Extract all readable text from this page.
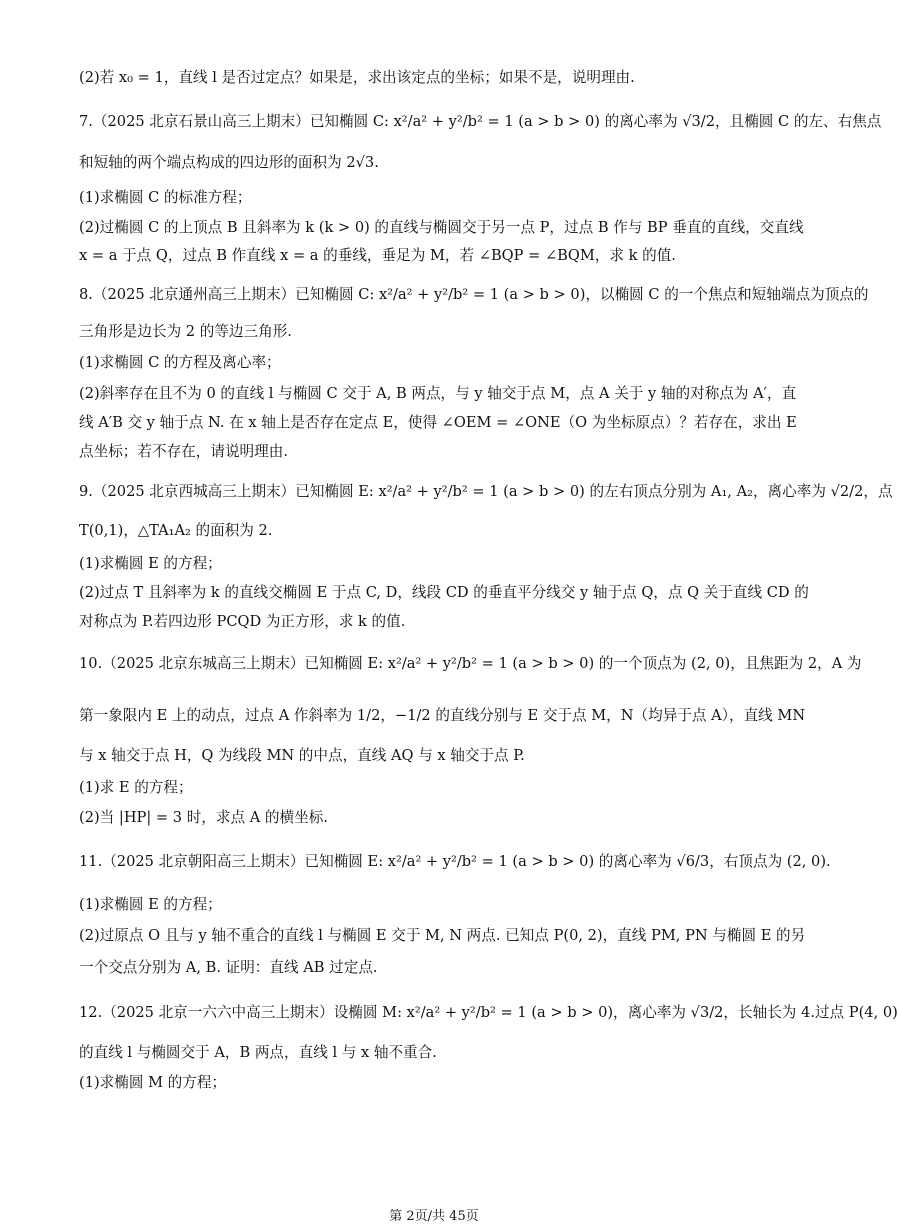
(2)若 x₀ = 1，直线 l 是否过定点？如果是，求出该定点的坐标；如果不是，说明理由.
7.（2025 北京石景山高三上期末）已知椭圆 C: x²/a² + y²/b² = 1 (a > b > 0) 的离心率为 √3/2，且椭圆 C 的左、右焦点
和短轴的两个端点构成的四边形的面积为 2√3.
(1)求椭圆 C 的标准方程；
(2)过椭圆 C 的上顶点 B 且斜率为 k (k > 0) 的直线与椭圆交于另一点 P，过点 B 作与 BP 垂直的直线，交直线
x = a 于点 Q，过点 B 作直线 x = a 的垂线，垂足为 M，若 ∠BQP = ∠BQM，求 k 的值.
8.（2025 北京通州高三上期末）已知椭圆 C: x²/a² + y²/b² = 1 (a > b > 0)，以椭圆 C 的一个焦点和短轴端点为顶点的
三角形是边长为 2 的等边三角形.
(1)求椭圆 C 的方程及离心率；
(2)斜率存在且不为 0 的直线 l 与椭圆 C 交于 A, B 两点，与 y 轴交于点 M，点 A 关于 y 轴的对称点为 A′，直
线 A′B 交 y 轴于点 N. 在 x 轴上是否存在定点 E，使得 ∠OEM = ∠ONE（O 为坐标原点）？若存在，求出 E
点坐标；若不存在，请说明理由.
9.（2025 北京西城高三上期末）已知椭圆 E: x²/a² + y²/b² = 1 (a > b > 0) 的左右顶点分别为 A₁, A₂，离心率为 √2/2，点
T(0,1)，△TA₁A₂ 的面积为 2.
(1)求椭圆 E 的方程；
(2)过点 T 且斜率为 k 的直线交椭圆 E 于点 C, D，线段 CD 的垂直平分线交 y 轴于点 Q，点 Q 关于直线 CD 的
对称点为 P.若四边形 PCQD 为正方形，求 k 的值.
10.（2025 北京东城高三上期末）已知椭圆 E: x²/a² + y²/b² = 1 (a > b > 0) 的一个顶点为 (2, 0)，且焦距为 2，A 为
第一象限内 E 上的动点，过点 A 作斜率为 1/2，−1/2 的直线分别与 E 交于点 M，N（均异于点 A），直线 MN
与 x 轴交于点 H，Q 为线段 MN 的中点，直线 AQ 与 x 轴交于点 P.
(1)求 E 的方程；
(2)当 |HP| = 3 时，求点 A 的横坐标.
11.（2025 北京朝阳高三上期末）已知椭圆 E: x²/a² + y²/b² = 1 (a > b > 0) 的离心率为 √6/3，右顶点为 (2, 0).
(1)求椭圆 E 的方程；
(2)过原点 O 且与 y 轴不重合的直线 l 与椭圆 E 交于 M, N 两点. 已知点 P(0, 2)，直线 PM, PN 与椭圆 E 的另
一个交点分别为 A, B. 证明：直线 AB 过定点.
12.（2025 北京一六六中高三上期末）设椭圆 M: x²/a² + y²/b² = 1 (a > b > 0)，离心率为 √3/2，长轴长为 4.过点 P(4, 0)
的直线 l 与椭圆交于 A，B 两点，直线 l 与 x 轴不重合.
(1)求椭圆 M 的方程；
第 2页/共 45页
